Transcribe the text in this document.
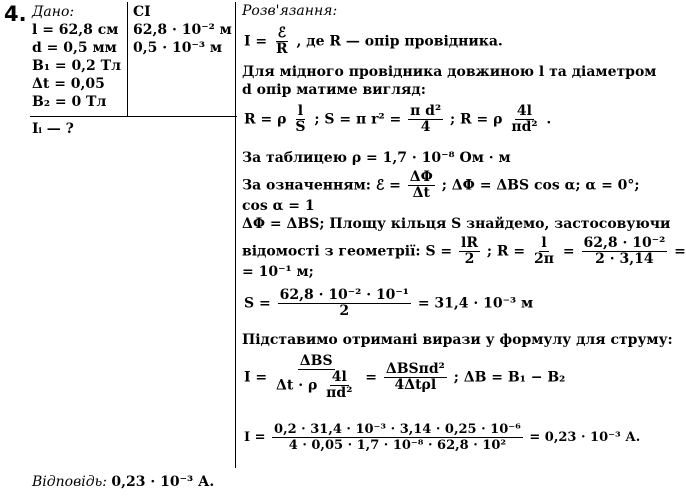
4. Дано:
l = 62,8 см
d = 0,5 мм
B₁ = 0,2 Тл
Δt = 0,05
B₂ = 0 Тл
Iᵢ — ?
СІ
62,8 · 10⁻² м
0,5 · 10⁻³ м
Розв'язання:
$I = \frac{\text{ℰ}}{R}$ , де R — опір провідника.
Для мідного провідника довжиною l та діаметром
d опір матиме вигляд:
R = ρ $\frac{l}{S}$ ; S = π $r^2 = \frac{\text{π d²}}{4}$ ; R = ρ $\frac{4l}{\text{πd²}}$ .
За таблицею ρ = 1,7 · 10⁻⁸ Ом · м
За означенням: ℰ = $\frac{\Delta\Phi}{\Delta t}$ ; ΔΦ = ΔBS cos α; α = 0°;
cos α = 1
ΔΦ = ΔBS; Площу кільця S знайдемо, застосовуючи
відомості з геометрії: $S = \frac{lR}{2}$ ; $R = \frac{l}{2\pi} = \frac{\text{62,8 · 10⁻²}}{2 \cdot 3,14}$ =
= 10⁻¹ м;
$S = \frac{\text{62,8 · 10⁻² · 10⁻¹}}{2} = 31,4 \cdot 10^{-3}$ м
Підставимо отримані вирази у формулу для струму:
$I = \frac{\text{ΔBS}}{\Delta t \cdot \rho \frac{4l}{\text{πd²}}} = \frac{\text{ΔBSπd²}}{\text{4Δtρl}}$ ; ΔB = B₁ − B₂
$I = \frac{\text{0,2 · 31,4 · 10⁻³ · 3,14 · 0,25 · 10⁻⁶}}{\text{4 · 0,05 · 1,7 · 10⁻⁸ · 62,8 · 10²}} = 0,23 \cdot 10^{-3}$ А.
Відповідь: 0,23 · 10⁻³ А.
